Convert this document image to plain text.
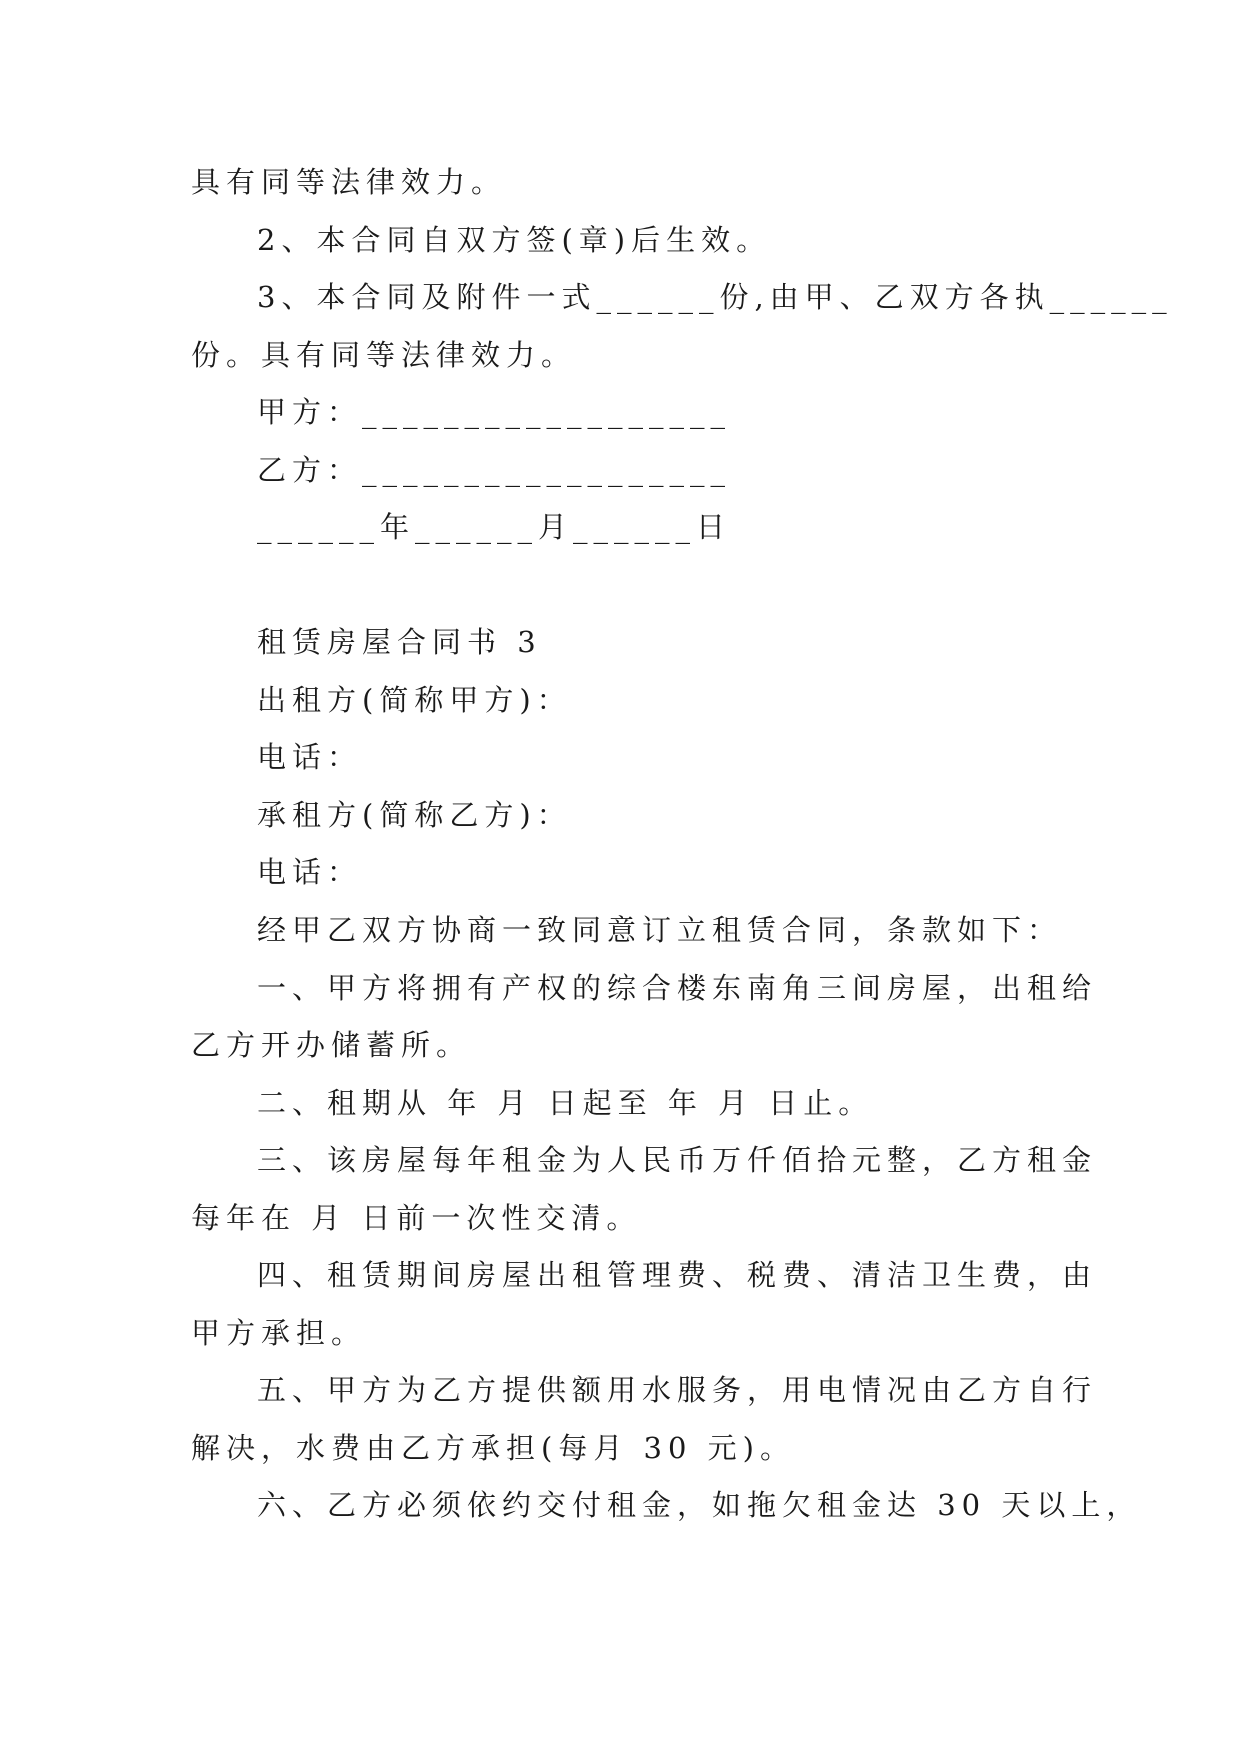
具有同等法律效力。
2、本合同自双方签(章)后生效。
3、本合同及附件一式______份,由甲、乙双方各执______
份。具有同等法律效力。
甲方：__________________
乙方：__________________
______年______月______日
租赁房屋合同书 3
出租方(简称甲方)：
电话：
承租方(简称乙方)：
电话：
经甲乙双方协商一致同意订立租赁合同，条款如下：
一、甲方将拥有产权的综合楼东南角三间房屋，出租给
乙方开办储蓄所。
二、租期从 年 月 日起至 年 月 日止。
三、该房屋每年租金为人民币万仟佰拾元整，乙方租金
每年在 月 日前一次性交清。
四、租赁期间房屋出租管理费、税费、清洁卫生费，由
甲方承担。
五、甲方为乙方提供额用水服务，用电情况由乙方自行
解决，水费由乙方承担(每月 30 元)。
六、乙方必须依约交付租金，如拖欠租金达 30 天以上，
